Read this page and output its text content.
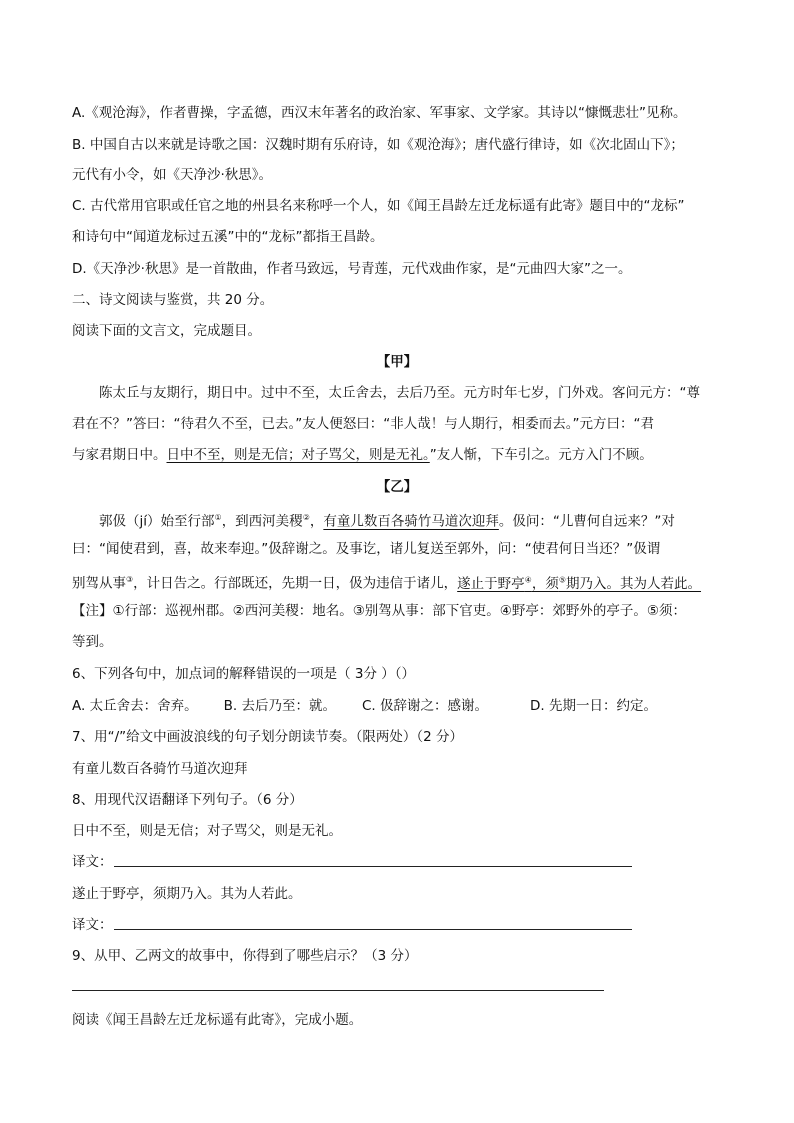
A.《观沧海》，作者曹操，字孟德，西汉末年著名的政治家、军事家、文学家。其诗以“慷慨悲壮”见称。
B. 中国自古以来就是诗歌之国：汉魏时期有乐府诗，如《观沧海》；唐代盛行律诗，如《次北固山下》；
元代有小令，如《天净沙·秋思》。
C. 古代常用官职或任官之地的州县名来称呼一个人，如《闻王昌龄左迁龙标遥有此寄》题目中的“龙标”
和诗句中“闻道龙标过五溪”中的“龙标”都指王昌龄。
D.《天净沙·秋思》是一首散曲，作者马致远，号青莲，元代戏曲作家，是“元曲四大家”之一。
二、诗文阅读与鉴赏，共 20 分。
阅读下面的文言文，完成题目。
【甲】
陈太丘与友期行，期日中。过中不至，太丘舍去，去后乃至。元方时年七岁，门外戏。客问元方：“尊
君在不？”答曰：“待君久不至，已去。”友人便怒曰：“非人哉！与人期行，相委而去。”元方曰：“君
与家君期日中。日中不至，则是无信；对子骂父，则是无礼。”友人惭，下车引之。元方入门不顾。
【乙】
郭伋（jí）始至行部①，到西河美稷②，有童儿数百各骑竹马道次迎拜。伋问：“儿曹何自远来？”对
曰：“闻使君到，喜，故来奉迎。”伋辞谢之。及事讫，诸儿复送至郭外，问：“使君何日当还？”伋谓
别驾从事③，计日告之。行部既还，先期一日，伋为违信于诸儿，遂止于野亭④，须⑤期乃入。其为人若此。
【注】①行部：巡视州郡。②西河美稷：地名。③别驾从事：部下官吏。④野亭：郊野外的亭子。⑤须：
等到。
6、下列各句中，加点词的解释错误的一项是（ 3分 ）（）
A. 太丘舍去：舍弃。 B. 去后乃至：就。 C. 伋辞谢之：感谢。	D. 先期一日：约定。
7、用“/”给文中画波浪线的句子划分朗读节奏。（限两处）（2 分）
有童儿数百各骑竹马道次迎拜
8、用现代汉语翻译下列句子。（6 分）
日中不至，则是无信；对子骂父，则是无礼。
译文：
遂止于野亭，须期乃入。其为人若此。
译文：
9、从甲、乙两文的故事中，你得到了哪些启示？（3 分）
阅读《闻王昌龄左迁龙标遥有此寄》，完成小题。
